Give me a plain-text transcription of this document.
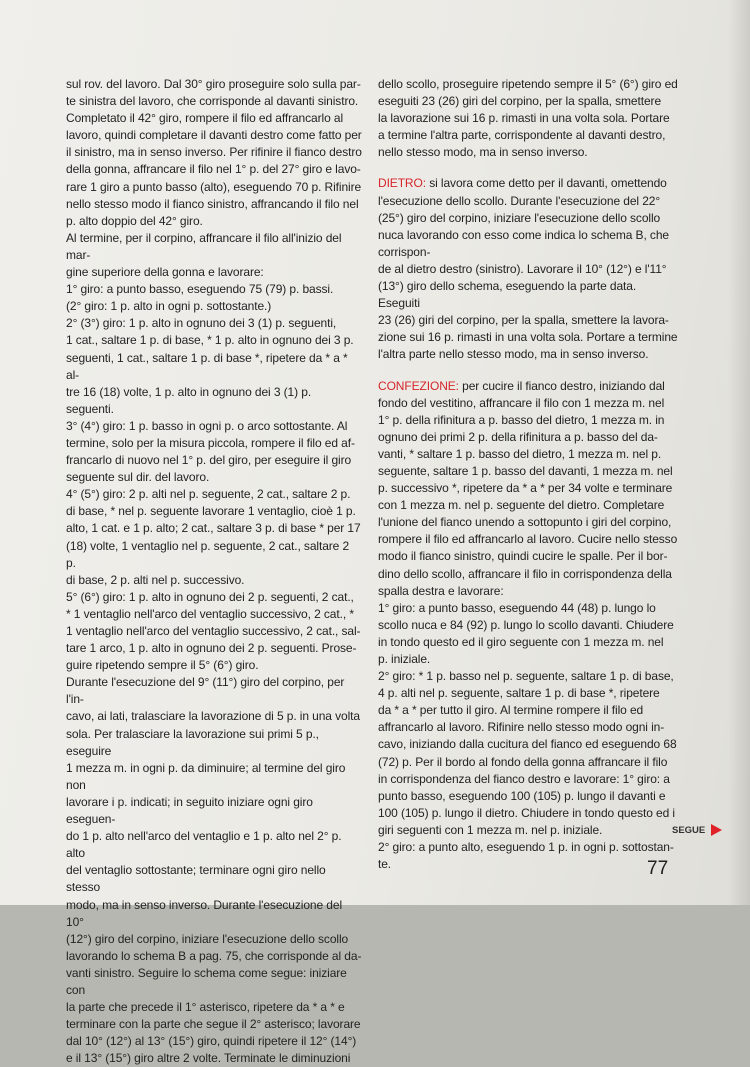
sul rov. del lavoro. Dal 30° giro proseguire solo sulla par-

te sinistra del lavoro, che corrisponde al davanti sinistro.

Completato il 42° giro, rompere il filo ed affrancarlo al

lavoro, quindi completare il davanti destro come fatto per

il sinistro, ma in senso inverso. Per rifinire il fianco destro

della gonna, affrancare il filo nel 1° p. del 27° giro e lavo-

rare 1 giro a punto basso (alto), eseguendo 70 p. Rifinire

nello stesso modo il fianco sinistro, affrancando il filo nel

p. alto doppio del 42° giro.

Al termine, per il corpino, affrancare il filo all'inizio del mar-

gine superiore della gonna e lavorare:

1° giro: a punto basso, eseguendo 75 (79) p. bassi.

(2° giro: 1 p. alto in ogni p. sottostante.)

2° (3°) giro: 1 p. alto in ognuno dei 3 (1) p. seguenti,

1 cat., saltare 1 p. di base, * 1 p. alto in ognuno dei 3 p.

seguenti, 1 cat., saltare 1 p. di base *, ripetere da * a * al-

tre 16 (18) volte, 1 p. alto in ognuno dei 3 (1) p. seguenti.

3° (4°) giro: 1 p. basso in ogni p. o arco sottostante. Al

termine, solo per la misura piccola, rompere il filo ed af-

francarlo di nuovo nel 1° p. del giro, per eseguire il giro

seguente sul dir. del lavoro.

4° (5°) giro: 2 p. alti nel p. seguente, 2 cat., saltare 2 p.

di base, * nel p. seguente lavorare 1 ventaglio, cioè 1 p.

alto, 1 cat. e 1 p. alto; 2 cat., saltare 3 p. di base * per 17

(18) volte, 1 ventaglio nel p. seguente, 2 cat., saltare 2 p.

di base, 2 p. alti nel p. successivo.

5° (6°) giro: 1 p. alto in ognuno dei 2 p. seguenti, 2 cat.,

* 1 ventaglio nell'arco del ventaglio successivo, 2 cat., *

1 ventaglio nell'arco del ventaglio successivo, 2 cat., sal-

tare 1 arco, 1 p. alto in ognuno dei 2 p. seguenti. Prose-

guire ripetendo sempre il 5° (6°) giro.

Durante l'esecuzione del 9° (11°) giro del corpino, per l'in-

cavo, ai lati, tralasciare la lavorazione di 5 p. in una volta

sola. Per tralasciare la lavorazione sui primi 5 p., eseguire

1 mezza m. in ogni p. da diminuire; al termine del giro non

lavorare i p. indicati; in seguito iniziare ogni giro eseguen-

do 1 p. alto nell'arco del ventaglio e 1 p. alto nel 2° p. alto

del ventaglio sottostante; terminare ogni giro nello stesso

modo, ma in senso inverso. Durante l'esecuzione del 10°

(12°) giro del corpino, iniziare l'esecuzione dello scollo

lavorando lo schema B a pag. 75, che corrisponde al da-

vanti sinistro. Seguire lo schema come segue: iniziare con

la parte che precede il 1° asterisco, ripetere da * a * e

terminare con la parte che segue il 2° asterisco; lavorare

dal 10° (12°) al 13° (15°) giro, quindi ripetere il 12° (14°)

e il 13° (15°) giro altre 2 volte. Terminate le diminuzioni

dello scollo, proseguire ripetendo sempre il 5° (6°) giro ed

eseguiti 23 (26) giri del corpino, per la spalla, smettere

la lavorazione sui 16 p. rimasti in una volta sola. Portare

a termine l'altra parte, corrispondente al davanti destro,

nello stesso modo, ma in senso inverso.

DIETRO: si lavora come detto per il davanti, omettendo

l'esecuzione dello scollo. Durante l'esecuzione del 22°

(25°) giro del corpino, iniziare l'esecuzione dello scollo

nuca lavorando con esso come indica lo schema B, che corrispon-

de al dietro destro (sinistro). Lavorare il 10° (12°) e l'11°

(13°) giro dello schema, eseguendo la parte data. Eseguiti

23 (26) giri del corpino, per la spalla, smettere la lavora-

zione sui 16 p. rimasti in una volta sola. Portare a termine

l'altra parte nello stesso modo, ma in senso inverso.

CONFEZIONE: per cucire il fianco destro, iniziando dal

fondo del vestitino, affrancare il filo con 1 mezza m. nel

1° p. della rifinitura a p. basso del dietro, 1 mezza m. in

ognuno dei primi 2 p. della rifinitura a p. basso del da-

vanti, * saltare 1 p. basso del dietro, 1 mezza m. nel p.

seguente, saltare 1 p. basso del davanti, 1 mezza m. nel

p. successivo *, ripetere da * a * per 34 volte e terminare

con 1 mezza m. nel p. seguente del dietro. Completare

l'unione del fianco unendo a sottopunto i giri del corpino,

rompere il filo ed affrancarlo al lavoro. Cucire nello stesso

modo il fianco sinistro, quindi cucire le spalle. Per il bor-

dino dello scollo, affrancare il filo in corrispondenza della

spalla destra e lavorare:

1° giro: a punto basso, eseguendo 44 (48) p. lungo lo

scollo nuca e 84 (92) p. lungo lo scollo davanti. Chiudere

in tondo questo ed il giro seguente con 1 mezza m. nel

p. iniziale.

2° giro: * 1 p. basso nel p. seguente, saltare 1 p. di base,

4 p. alti nel p. seguente, saltare 1 p. di base *, ripetere

da * a * per tutto il giro. Al termine rompere il filo ed

affrancarlo al lavoro. Rifinire nello stesso modo ogni in-

cavo, iniziando dalla cucitura del fianco ed eseguendo 68

(72) p. Per il bordo al fondo della gonna affrancare il filo

in corrispondenza del fianco destro e lavorare: 1° giro: a

punto basso, eseguendo 100 (105) p. lungo il davanti e

100 (105) p. lungo il dietro. Chiudere in tondo questo ed i

giri seguenti con 1 mezza m. nel p. iniziale.

2° giro: a punto alto, eseguendo 1 p. in ogni p. sottostan-

te.

SEGUE
77
